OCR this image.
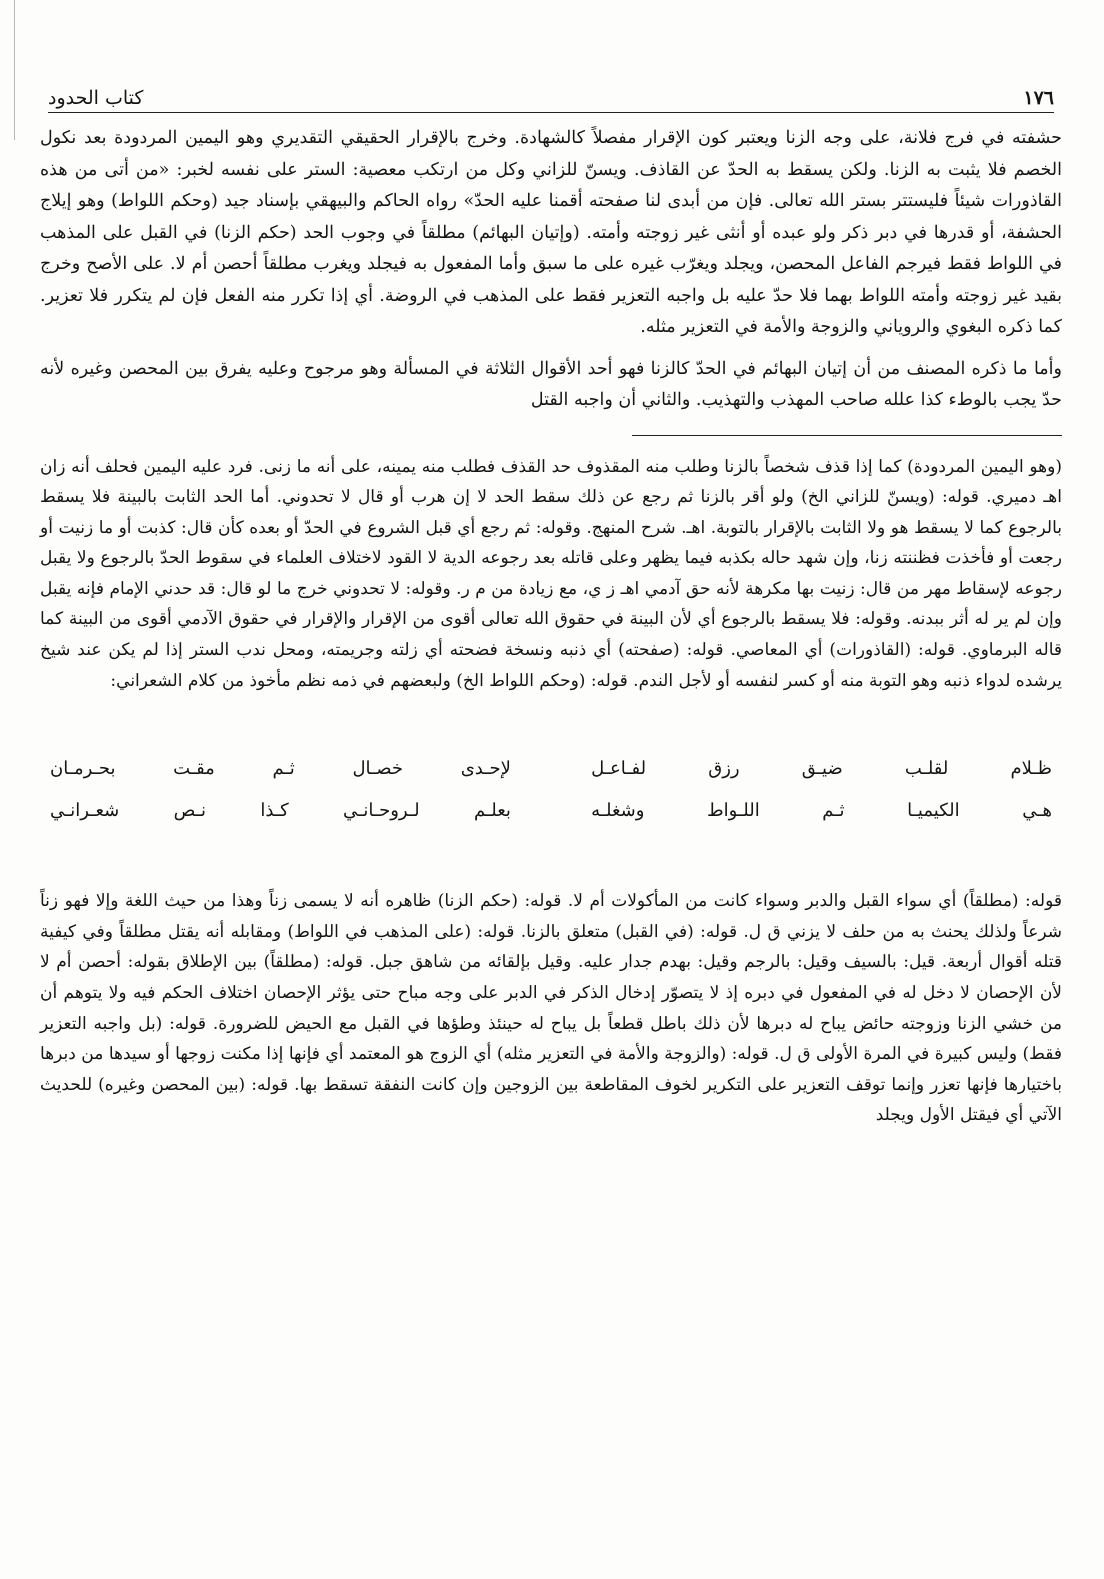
١٧٦
كتاب الحدود

حشفته في فرج فلانة، على وجه الزنا ويعتبر كون الإقرار مفصلاً كالشهادة. وخرج بالإقرار الحقيقي التقديري وهو اليمين المردودة بعد نكول الخصم فلا يثبت به الزنا. ولكن يسقط به الحدّ عن القاذف. ويسنّ للزاني وكل من ارتكب معصية: الستر على نفسه لخبر: «من أتى من هذه القاذورات شيئاً فليستتر بستر الله تعالى. فإن من أبدى لنا صفحته أقمنا عليه الحدّ» رواه الحاكم والبيهقي بإسناد جيد (وحكم اللواط) وهو إيلاج الحشفة، أو قدرها في دبر ذكر ولو عبده أو أنثى غير زوجته وأمته. (وإتيان البهائم) مطلقاً في وجوب الحد (حكم الزنا) في القبل على المذهب في اللواط فقط فيرجم الفاعل المحصن، ويجلد ويغرّب غيره على ما سبق وأما المفعول به فيجلد ويغرب مطلقاً أحصن أم لا. على الأصح وخرج بقيد غير زوجته وأمته اللواط بهما فلا حدّ عليه بل واجبه التعزير فقط على المذهب في الروضة. أي إذا تكرر منه الفعل فإن لم يتكرر فلا تعزير. كما ذكره البغوي والروياني والزوجة والأمة في التعزير مثله.

وأما ما ذكره المصنف من أن إتيان البهائم في الحدّ كالزنا فهو أحد الأقوال الثلاثة في المسألة وهو مرجوح وعليه يفرق بين المحصن وغيره لأنه حدّ يجب بالوطء كذا علله صاحب المهذب والتهذيب. والثاني أن واجبه القتل

(وهو اليمين المردودة) كما إذا قذف شخصاً بالزنا وطلب منه المقذوف حد القذف فطلب منه يمينه، على أنه ما زنى. فرد عليه اليمين فحلف أنه زان اهـ دميري. قوله: (ويسنّ للزاني الخ) ولو أقر بالزنا ثم رجع عن ذلك سقط الحد لا إن هرب أو قال لا تحدوني. أما الحد الثابت بالبينة فلا يسقط بالرجوع كما لا يسقط هو ولا الثابت بالإقرار بالتوبة. اهـ. شرح المنهج. وقوله: ثم رجع أي قبل الشروع في الحدّ أو بعده كأن قال: كذبت أو ما زنيت أو رجعت أو فأخذت فظننته زنا، وإن شهد حاله بكذبه فيما يظهر وعلى قاتله بعد رجوعه الدية لا القود لاختلاف العلماء في سقوط الحدّ بالرجوع ولا يقبل رجوعه لإسقاط مهر من قال: زنيت بها مكرهة لأنه حق آدمي اهـ ز ي، مع زيادة من م ر. وقوله: لا تحدوني خرج ما لو قال: قد حدني الإمام فإنه يقبل وإن لم ير له أثر ببدنه. وقوله: فلا يسقط بالرجوع أي لأن البينة في حقوق الله تعالى أقوى من الإقرار والإقرار في حقوق الآدمي أقوى من البينة كما قاله البرماوي. قوله: (القاذورات) أي المعاصي. قوله: (صفحته) أي ذنبه ونسخة فضحته أي زلته وجريمته، ومحل ندب الستر إذا لم يكن عند شيخ يرشده لدواء ذنبه وهو التوبة منه أو كسر لنفسه أو لأجل الندم. قوله: (وحكم اللواط الخ) ولبعضهم في ذمه نظم مأخوذ من كلام الشعراني:

ظـلام لقلـب ضيـق رزق لفـاعـل
لإحـدى خصـال ثـم مقـت بحـرمـان
هـي الكيميـا ثـم اللـواط وشغلـه
بعلـم لـروحـانـي كـذا نـص شعـرانـي

قوله: (مطلقاً) أي سواء القبل والدبر وسواء كانت من المأكولات أم لا. قوله: (حكم الزنا) ظاهره أنه لا يسمى زناً وهذا من حيث اللغة وإلا فهو زناً شرعاً ولذلك يحنث به من حلف لا يزني ق ل. قوله: (في القبل) متعلق بالزنا. قوله: (على المذهب في اللواط) ومقابله أنه يقتل مطلقاً وفي كيفية قتله أقوال أربعة. قيل: بالسيف وقيل: بالرجم وقيل: بهدم جدار عليه. وقيل بإلقائه من شاهق جبل. قوله: (مطلقاً) بين الإطلاق بقوله: أحصن أم لا لأن الإحصان لا دخل له في المفعول في دبره إذ لا يتصوّر إدخال الذكر في الدبر على وجه مباح حتى يؤثر الإحصان اختلاف الحكم فيه ولا يتوهم أن من خشي الزنا وزوجته حائض يباح له دبرها لأن ذلك باطل قطعاً بل يباح له حينئذ وطؤها في القبل مع الحيض للضرورة. قوله: (بل واجبه التعزير فقط) وليس كبيرة في المرة الأولى ق ل. قوله: (والزوجة والأمة في التعزير مثله) أي الزوج هو المعتمد أي فإنها إذا مكنت زوجها أو سيدها من دبرها باختيارها فإنها تعزر وإنما توقف التعزير على التكرير لخوف المقاطعة بين الزوجين وإن كانت النفقة تسقط بها. قوله: (بين المحصن وغيره) للحديث الآتي أي فيقتل الأول ويجلد
